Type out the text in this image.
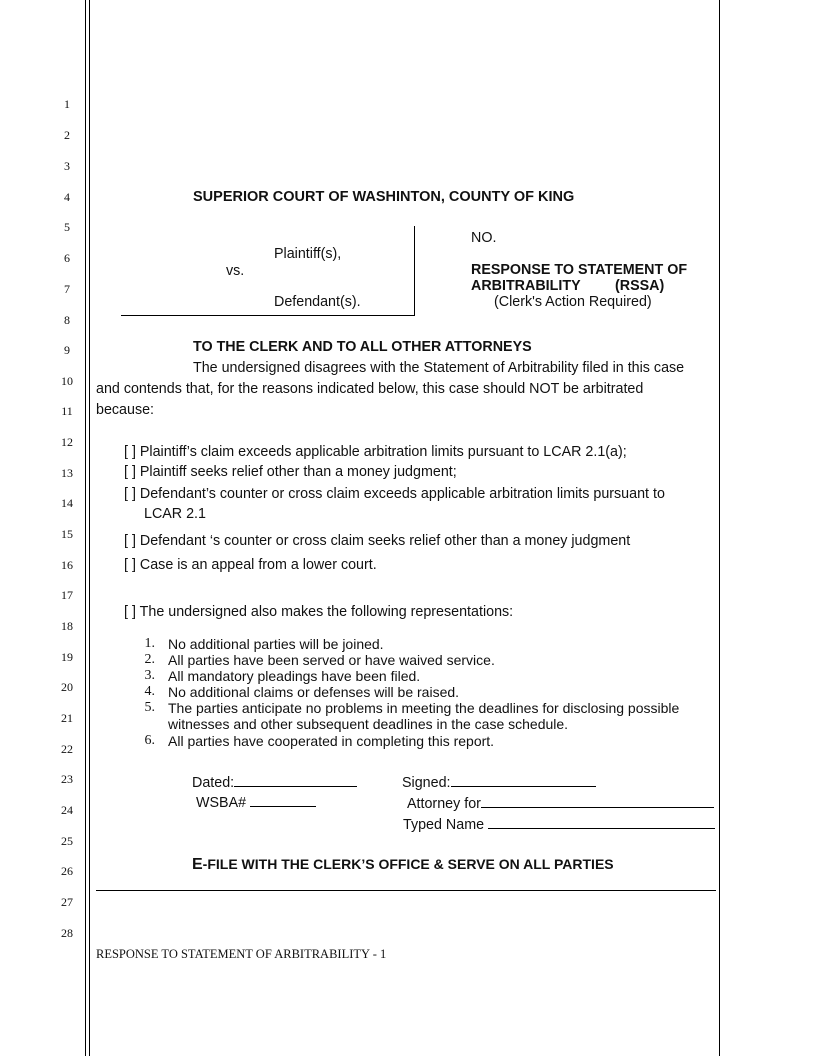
1
2
3
4
5
6
7
8
9
10
11
12
13
14
15
16
17
18
19
20
21
22
23
24
25
26
27
28
SUPERIOR COURT OF WASHINTON, COUNTY OF KING
Plaintiff(s),
vs.
Defendant(s).
NO.
RESPONSE TO STATEMENT OF
ARBITRABILITY (RSSA)
(Clerk's Action Required)
TO THE CLERK AND TO ALL OTHER ATTORNEYS
The undersigned disagrees with the Statement of Arbitrability filed in this case
and contends that, for the reasons indicated below, this case should NOT be arbitrated
because:
[ ] Plaintiff’s claim exceeds applicable arbitration limits pursuant to LCAR 2.1(a);
[ ] Plaintiff seeks relief other than a money judgment;
[ ] Defendant’s counter or cross claim exceeds applicable arbitration limits pursuant to
LCAR 2.1
[ ] Defendant ‘s counter or cross claim seeks relief other than a money judgment
[ ] Case is an appeal from a lower court.
[ ] The undersigned also makes the following representations:
1. No additional parties will be joined.
2. All parties have been served or have waived service.
3. All mandatory pleadings have been filed.
4. No additional claims or defenses will be raised.
5. The parties anticipate no problems in meeting the deadlines for disclosing possible
witnesses and other subsequent deadlines in the case schedule.
6. All parties have cooperated in completing this report.
Dated:	Signed:
WSBA#	Attorney for
Typed Name
E-FILE WITH THE CLERK’S OFFICE & SERVE ON ALL PARTIES
RESPONSE TO STATEMENT OF ARBITRABILITY - 1
